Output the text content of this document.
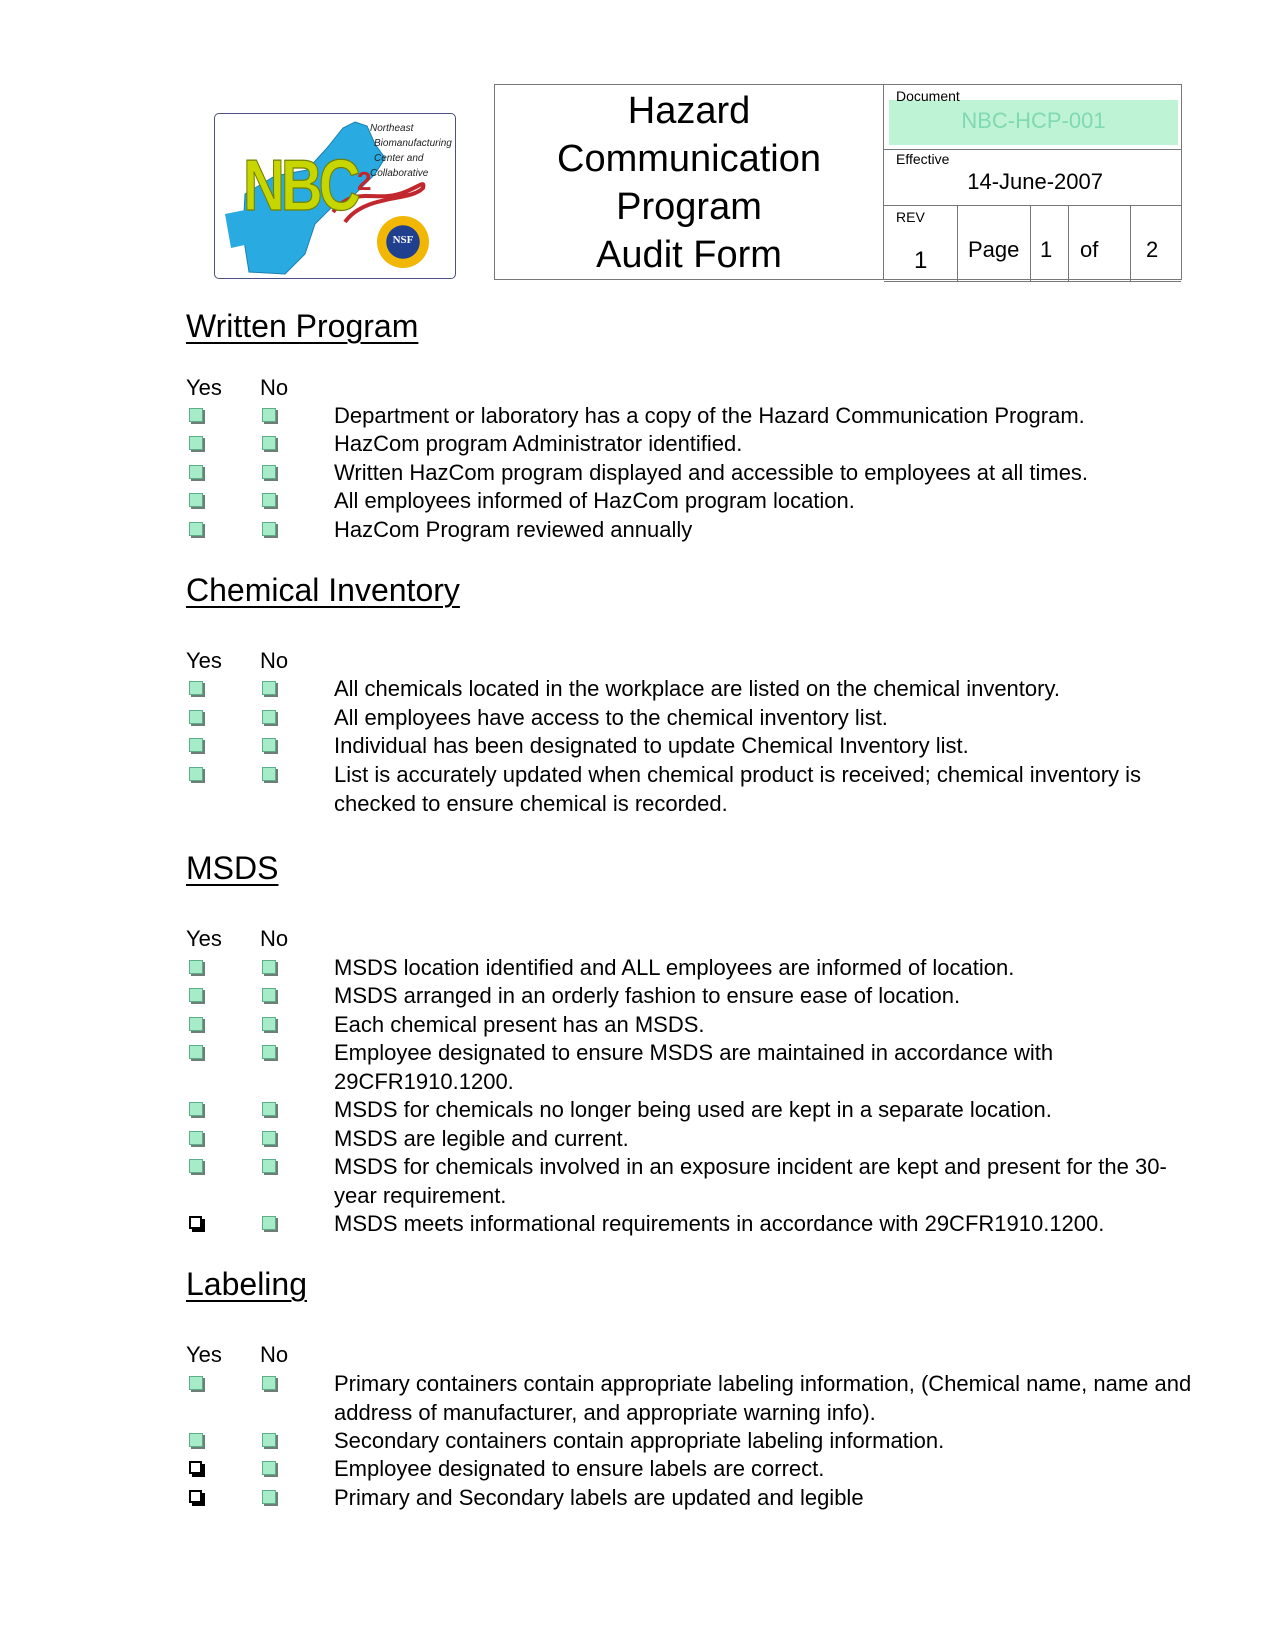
Northeast
Biomanufacturing
Center and
Collaborative
NBC 2
NSF
Hazard
Communication
Program
Audit Form
NBC-HCP-001
Document
Effective
14-June-2007
REV
1 Page 1 of 2
Written Program
Yes No
Department or laboratory has a copy of the Hazard Communication Program.
HazCom program Administrator identified.
Written HazCom program displayed and accessible to employees at all times.
All employees informed of HazCom program location.
HazCom Program reviewed annually
Chemical Inventory
Yes No
All chemicals located in the workplace are listed on the chemical inventory.
All employees have access to the chemical inventory list.
Individual has been designated to update Chemical Inventory list.
List is accurately updated when chemical product is received; chemical inventory is checked to ensure chemical is recorded.
MSDS
Yes No
MSDS location identified and ALL employees are informed of location.
MSDS arranged in an orderly fashion to ensure ease of location.
Each chemical present has an MSDS.
Employee designated to ensure MSDS are maintained in accordance with 29CFR1910.1200.
MSDS for chemicals no longer being used are kept in a separate location.
MSDS are legible and current.
MSDS for chemicals involved in an exposure incident are kept and present for the 30-year requirement.
MSDS meets informational requirements in accordance with 29CFR1910.1200.
Labeling
Yes No
Primary containers contain appropriate labeling information, (Chemical name, name and address of manufacturer, and appropriate warning info).
Secondary containers contain appropriate labeling information.
Employee designated to ensure labels are correct.
Primary and Secondary labels are updated and legible
